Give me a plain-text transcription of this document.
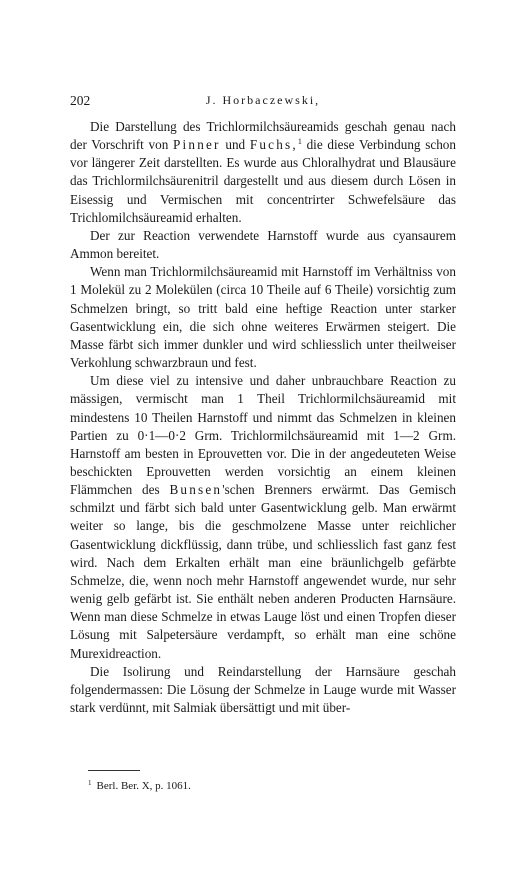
202	J. Horbaczewski,

Die Darstellung des Trichlormilchsäureamids geschah genau nach der Vorschrift von Pinner und Fuchs,$^1$ die diese Verbindung schon vor längerer Zeit darstellten. Es wurde aus Chloralhydrat und Blausäure das Trichlormilchsäurenitril dargestellt und aus diesem durch Lösen in Eisessig und Vermischen mit concentrirter Schwefelsäure das Trichlomilchsäureamid erhalten.

Der zur Reaction verwendete Harnstoff wurde aus cyansaurem Ammon bereitet.

Wenn man Trichlormilchsäureamid mit Harnstoff im Verhältniss von 1 Molekül zu 2 Molekülen (circa 10 Theile auf 6 Theile) vorsichtig zum Schmelzen bringt, so tritt bald eine heftige Reaction unter starker Gasentwicklung ein, die sich ohne weiteres Erwärmen steigert. Die Masse färbt sich immer dunkler und wird schliesslich unter theilweiser Verkohlung schwarzbraun und fest.

Um diese viel zu intensive und daher unbrauchbare Reaction zu mässigen, vermischt man 1 Theil Trichlormilchsäureamid mit mindestens 10 Theilen Harnstoff und nimmt das Schmelzen in kleinen Partien zu 0·1—0·2 Grm. Trichlormilchsäureamid mit 1—2 Grm. Harnstoff am besten in Eprouvetten vor. Die in der angedeuteten Weise beschickten Eprouvetten werden vorsichtig an einem kleinen Flämmchen des Bunsen'schen Brenners erwärmt. Das Gemisch schmilzt und färbt sich bald unter Gasentwicklung gelb. Man erwärmt weiter so lange, bis die geschmolzene Masse unter reichlicher Gasentwicklung dickflüssig, dann trübe, und schliesslich fast ganz fest wird. Nach dem Erkalten erhält man eine bräunlichgelb gefärbte Schmelze, die, wenn noch mehr Harnstoff angewendet wurde, nur sehr wenig gelb gefärbt ist. Sie enthält neben anderen Producten Harnsäure. Wenn man diese Schmelze in etwas Lauge löst und einen Tropfen dieser Lösung mit Salpetersäure verdampft, so erhält man eine schöne Murexidreaction.

Die Isolirung und Reindarstellung der Harnsäure geschah folgendermassen: Die Lösung der Schmelze in Lauge wurde mit Wasser stark verdünnt, mit Salmiak übersättigt und mit über-

$^1$ Berl. Ber. X, p. 1061.
